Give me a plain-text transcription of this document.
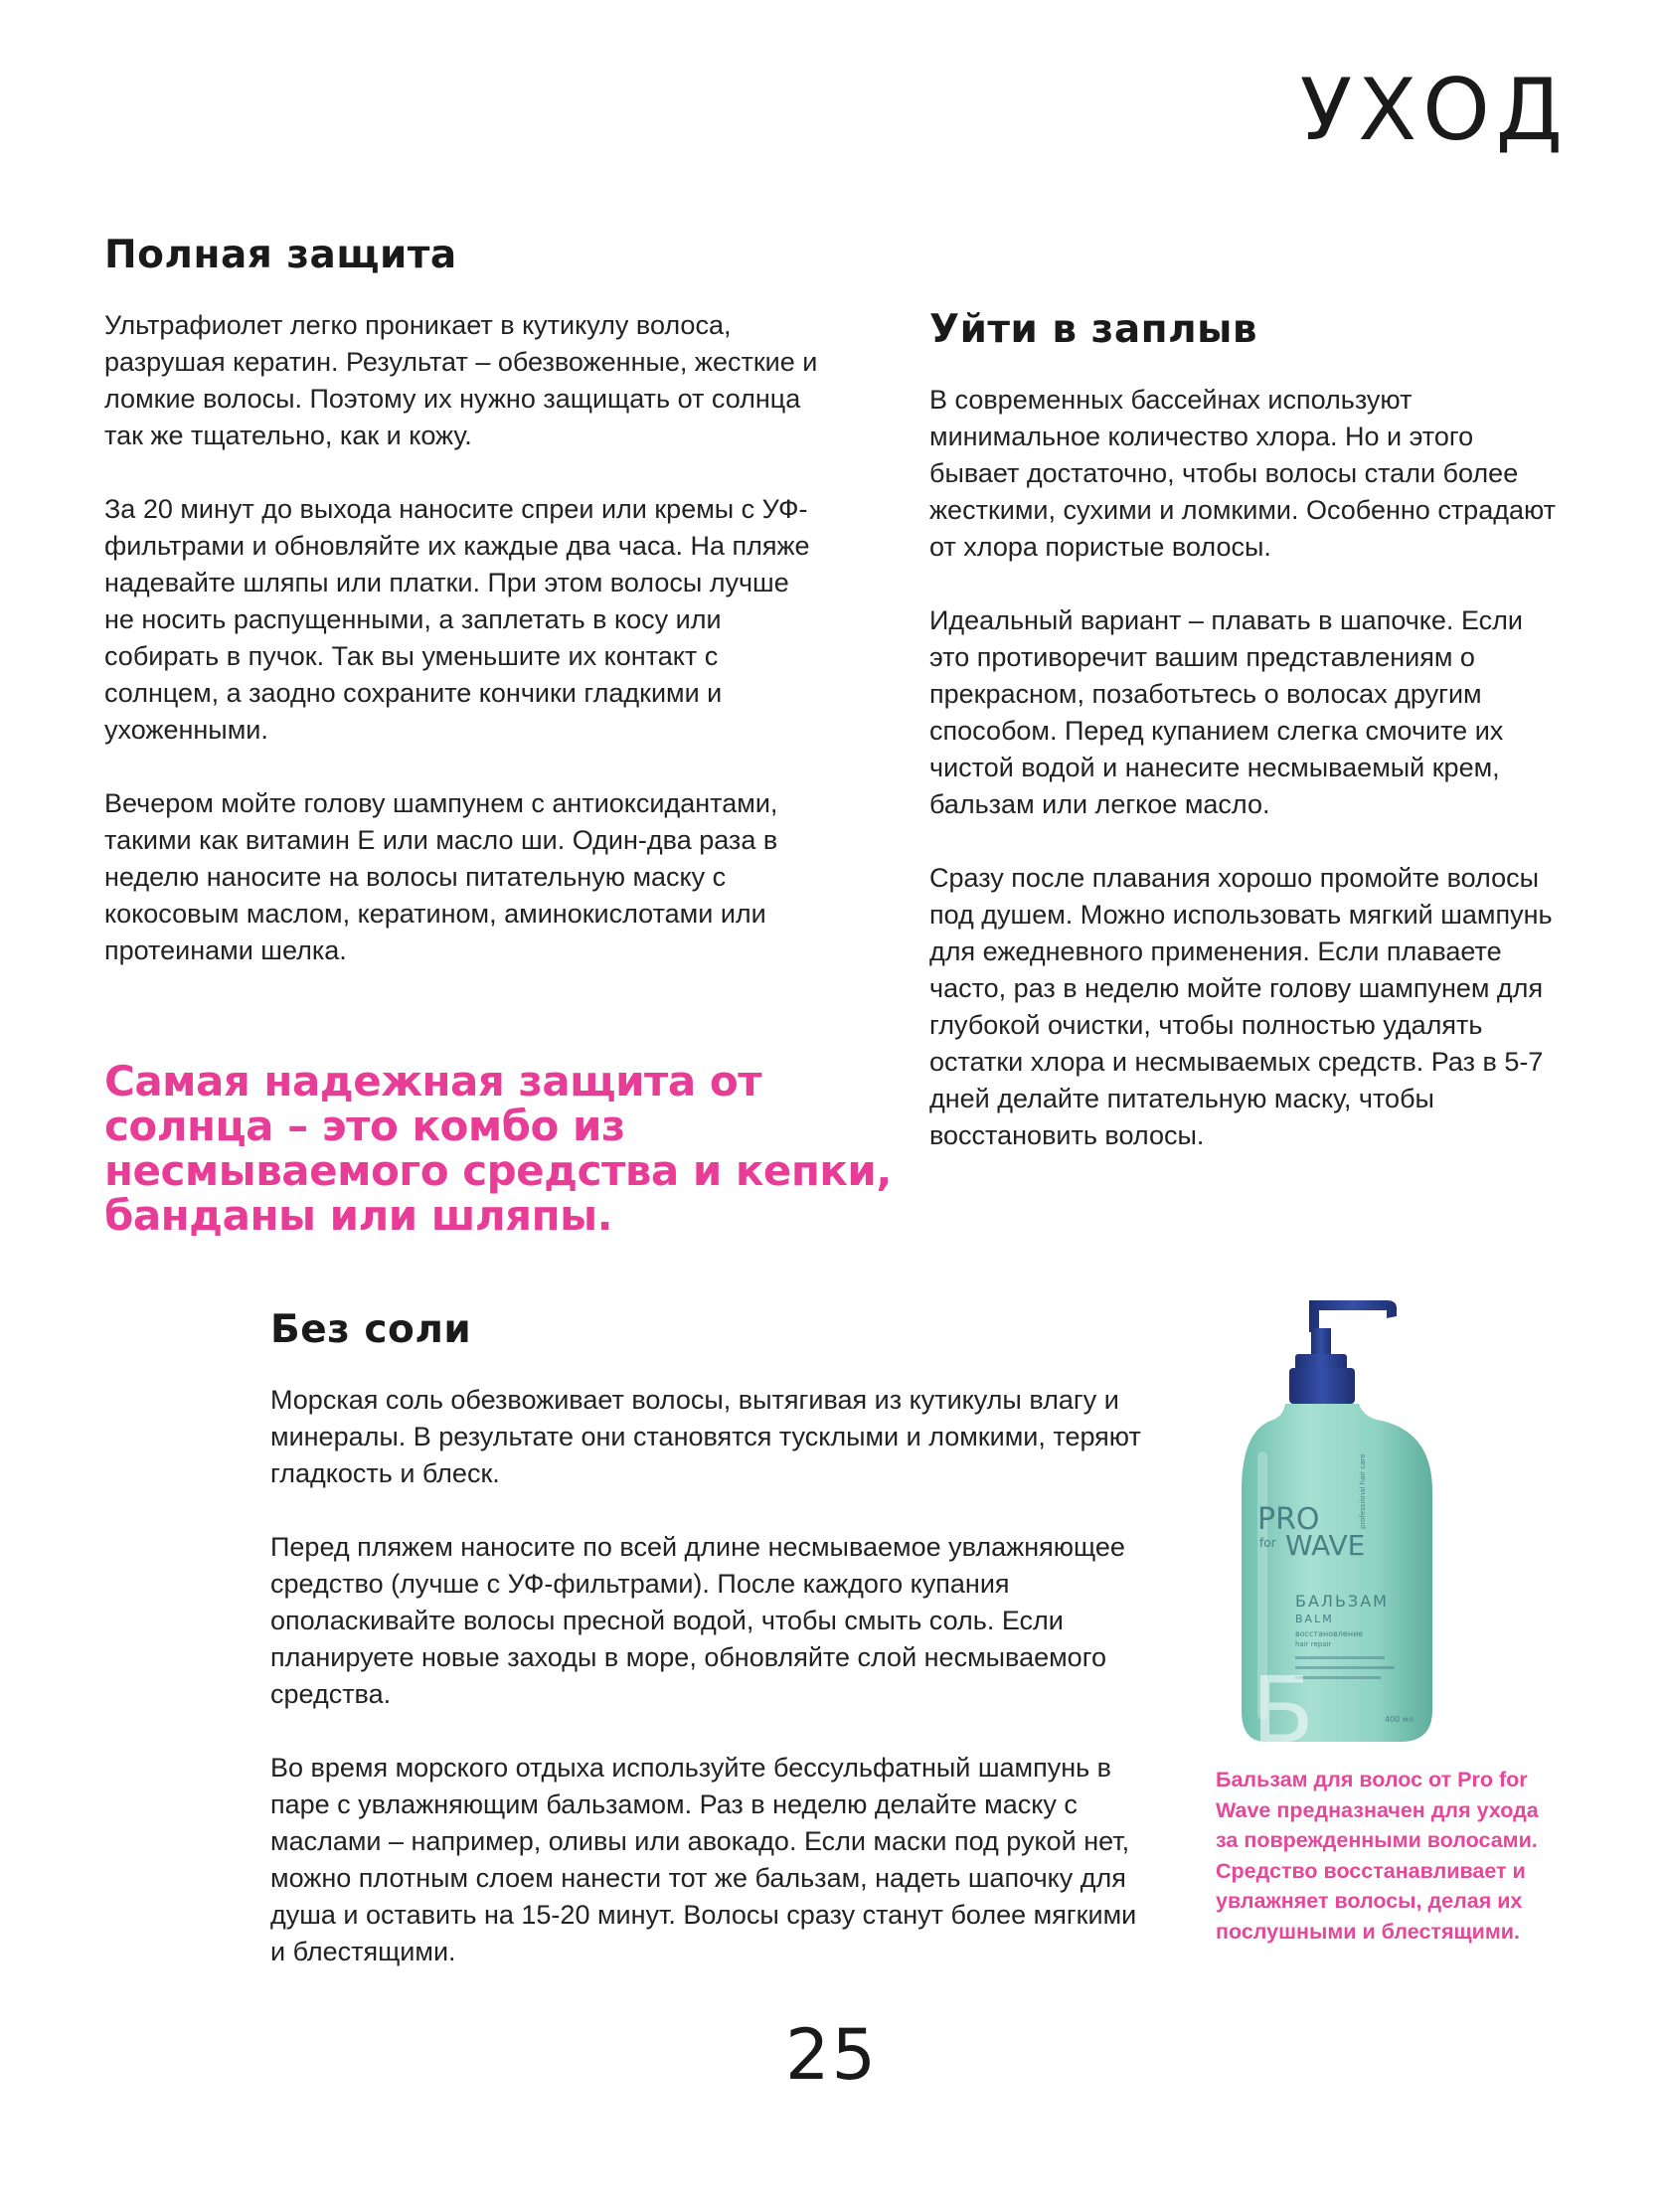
УХОД
Полная защита

Ультрафиолет легко проникает в кутикулу волоса, разрушая кератин. Результат – обезвоженные, жесткие и ломкие волосы. Поэтому их нужно защищать от солнца так же тщательно, как и кожу.

За 20 минут до выхода наносите спреи или кремы с УФ-фильтрами и обновляйте их каждые два часа. На пляже надевайте шляпы или платки. При этом волосы лучше не носить распущенными, а заплетать в косу или собирать в пучок. Так вы уменьшите их контакт с солнцем, а заодно сохраните кончики гладкими и ухоженными.

Вечером мойте голову шампунем с антиоксидантами, такими как витамин Е или масло ши. Один-два раза в неделю наносите на волосы питательную маску с кокосовым маслом, кератином, аминокислотами или протеинами шелка.

Самая надежная защита от солнца – это комбо из несмываемого средства и кепки, банданы или шляпы.

Уйти в заплыв

В современных бассейнах используют минимальное количество хлора. Но и этого бывает достаточно, чтобы волосы стали более жесткими, сухими и ломкими. Особенно страдают от хлора пористые волосы.

Идеальный вариант – плавать в шапочке. Если это противоречит вашим представлениям о прекрасном, позаботьтесь о волосах другим способом. Перед купанием слегка смочите их чистой водой и нанесите несмываемый крем, бальзам или легкое масло.

Сразу после плавания хорошо промойте волосы под душем. Можно использовать мягкий шампунь для ежедневного применения. Если плаваете часто, раз в неделю мойте голову шампунем для глубокой очистки, чтобы полностью удалять остатки хлора и несмываемых средств. Раз в 5-7 дней делайте питательную маску, чтобы восстановить волосы.

Без соли

Морская соль обезвоживает волосы, вытягивая из кутикулы влагу и минералы. В результате они становятся тусклыми и ломкими, теряют гладкость и блеск.

Перед пляжем наносите по всей длине несмываемое увлажняющее средство (лучше с УФ-фильтрами). После каждого купания ополаскивайте волосы пресной водой, чтобы смыть соль. Если планируете новые заходы в море, обновляйте слой несмываемого средства.

Во время морского отдыха используйте бессульфатный шампунь в паре с увлажняющим бальзамом. Раз в неделю делайте маску с маслами – например, оливы или авокадо. Если маски под рукой нет, можно плотным слоем нанести тот же бальзам, надеть шапочку для душа и оставить на 15-20 минут. Волосы сразу станут более мягкими и блестящими.

PRO	professional hair care
for WAVE
БАЛЬЗАМ
BALM
восстановление
hair repair
Б	400 мл

Бальзам для волос от Pro for Wave предназначен для ухода за поврежденными волосами. Средство восстанавливает и увлажняет волосы, делая их послушными и блестящими.

25
